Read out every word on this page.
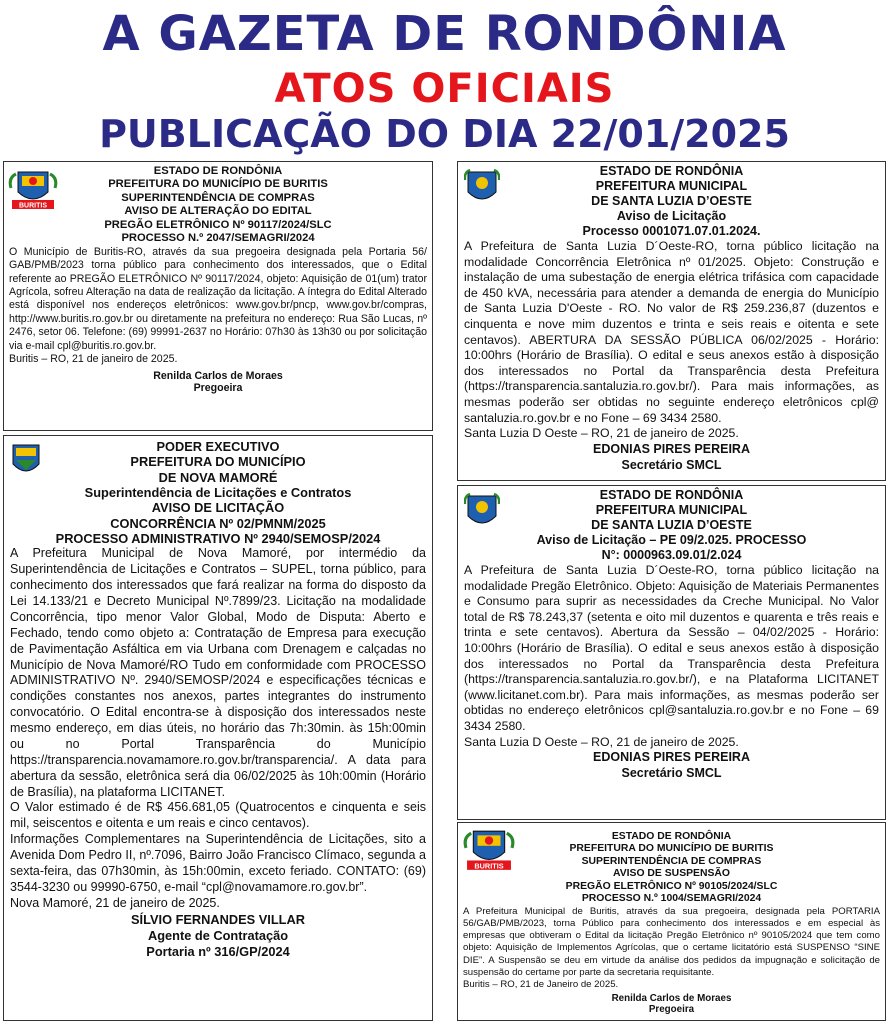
A GAZETA DE RONDÔNIA
ATOS OFICIAIS
PUBLICAÇÃO DO DIA 22/01/2025
BURITIS
ESTADO DE RONDÔNIA
PREFEITURA DO MUNICÍPIO DE BURITIS
SUPERINTENDÊNCIA DE COMPRAS
AVISO DE ALTERAÇÃO DO EDITAL
PREGÃO ELETRÔNICO Nº 90117/2024/SLC
PROCESSO N.º 2047/SEMAGRI/2024
O Município de Buritis-RO, através da sua pregoeira designada pela Portaria 56/ GAB/PMB/2023 torna público para conhecimento dos interessados, que o Edital referente ao PREGÃO ELETRÔNICO Nº 90117/2024, objeto: Aquisição de 01(um) trator Agrícola, sofreu Alteração na data de realização da licitação. A íntegra do Edital Alterado está disponível nos endereços eletrônicos: www.gov.br/pncp, www.gov.br/compras, http://www.buritis.ro.gov.br ou diretamente na prefeitura no endereço: Rua São Lucas, nº 2476, setor 06. Telefone: (69) 99991-2637 no Horário: 07h30 às 13h30 ou por solicitação via e-mail cpl@buritis.ro.gov.br.
Buritis – RO, 21 de janeiro de 2025.
Renilda Carlos de Moraes
Pregoeira
PODER EXECUTIVO
PREFEITURA DO MUNICÍPIO
DE NOVA MAMORÉ
Superintendência de Licitações e Contratos
AVISO DE LICITAÇÃO
CONCORRÊNCIA Nº 02/PMNM/2025
PROCESSO ADMINISTRATIVO Nº 2940/SEMOSP/2024
A Prefeitura Municipal de Nova Mamoré, por intermédio da Superintendência de Licitações e Contratos – SUPEL, torna público, para conhecimento dos interessados que fará realizar na forma do disposto da Lei 14.133/21 e Decreto Municipal Nº.7899/23. Licitação na modalidade Concorrência, tipo menor Valor Global, Modo de Disputa: Aberto e Fechado, tendo como objeto a: Contratação de Empresa para execução de Pavimentação Asfáltica em via Urbana com Drenagem e calçadas no Município de Nova Mamoré/RO Tudo em conformidade com PROCESSO ADMINISTRATIVO Nº. 2940/SEMOSP/2024 e especificações técnicas e condições constantes nos anexos, partes integrantes do instrumento convocatório. O Edital encontra-se à disposição dos interessados neste mesmo endereço, em dias úteis, no horário das 7h:30min. às 15h:00min ou no Portal Transparência do Município https://transparencia.novamamore.ro.gov.br/transparencia/. A data para abertura da sessão, eletrônica será dia 06/02/2025 às 10h:00min (Horário de Brasília), na plataforma LICITANET.
O Valor estimado é de R$ 456.681,05 (Quatrocentos e cinquenta e seis mil, seiscentos e oitenta e um reais e cinco centavos).
Informações Complementares na Superintendência de Licitações, sito a Avenida Dom Pedro II, nº.7096, Bairro João Francisco Clímaco, segunda a sexta-feira, das 07h30min, às 15h:00min, exceto feriado. CONTATO: (69) 3544-3230 ou 99990-6750, e-mail “cpl@novamamore.ro.gov.br”.
Nova Mamoré, 21 de janeiro de 2025.
SÍLVIO FERNANDES VILLAR
Agente de Contratação
Portaria nº 316/GP/2024
ESTADO DE RONDÔNIA
PREFEITURA MUNICIPAL
DE SANTA LUZIA D’OESTE
Aviso de Licitação
Processo 0001071.07.01.2024.
A Prefeitura de Santa Luzia D´Oeste-RO, torna público licitação na modalidade Concorrência Eletrônica nº 01/2025. Objeto: Construção e instalação de uma subestação de energia elétrica trifásica com capacidade de 450 kVA, necessária para atender a demanda de energia do Município de Santa Luzia D'Oeste - RO. No valor de R$ 259.236,87 (duzentos e cinquenta e nove mim duzentos e trinta e seis reais e oitenta e sete centavos). ABERTURA DA SESSÃO PÚBLICA 06/02/2025 - Horário: 10:00hrs (Horário de Brasília). O edital e seus anexos estão à disposição dos interessados no Portal da Transparência desta Prefeitura (https://transparencia.santaluzia.ro.gov.br/). Para mais informações, as mesmas poderão ser obtidas no seguinte endereço eletrônicos cpl@ santaluzia.ro.gov.br e no Fone – 69 3434 2580.
Santa Luzia D Oeste – RO, 21 de janeiro de 2025.
EDONIAS PIRES PEREIRA
Secretário SMCL
ESTADO DE RONDÔNIA
PREFEITURA MUNICIPAL
DE SANTA LUZIA D’OESTE
Aviso de Licitação – PE 09/2.025. PROCESSO
N°: 0000963.09.01/2.024
A Prefeitura de Santa Luzia D´Oeste-RO, torna público licitação na modalidade Pregão Eletrônico. Objeto: Aquisição de Materiais Permanentes e Consumo para suprir as necessidades da Creche Municipal. No Valor total de R$ 78.243,37 (setenta e oito mil duzentos e quarenta e três reais e trinta e sete centavos). Abertura da Sessão – 04/02/2025 - Horário: 10:00hrs (Horário de Brasília). O edital e seus anexos estão à disposição dos interessados no Portal da Transparência desta Prefeitura (https://transparencia.santaluzia.ro.gov.br/), e na Plataforma LICITANET (www.licitanet.com.br). Para mais informações, as mesmas poderão ser obtidas no endereço eletrônicos cpl@santaluzia.ro.gov.br e no Fone – 69 3434 2580.
Santa Luzia D Oeste – RO, 21 de janeiro de 2025.
EDONIAS PIRES PEREIRA
Secretário SMCL
BURITIS
ESTADO DE RONDÔNIA
PREFEITURA DO MUNICÍPIO DE BURITIS
SUPERINTENDÊNCIA DE COMPRAS
AVISO DE SUSPENSÃO
PREGÃO ELETRÔNICO Nº 90105/2024/SLC
PROCESSO N.º 1004/SEMAGRI/2024
A Prefeitura Municipal de Buritis, através da sua pregoeira, designada pela PORTARIA 56/GAB/PMB/2023, torna Público para conhecimento dos interessados e em especial às empresas que obtiveram o Edital da licitação Pregão Eletrônico nº 90105/2024 que tem como objeto: Aquisição de Implementos Agrícolas, que o certame licitatório está SUSPENSO “SINE DIE”. A Suspensão se deu em virtude da análise dos pedidos da impugnação e solicitação de suspensão do certame por parte da secretaria requisitante.
Buritis – RO, 21 de Janeiro de 2025.
Renilda Carlos de Moraes
Pregoeira
